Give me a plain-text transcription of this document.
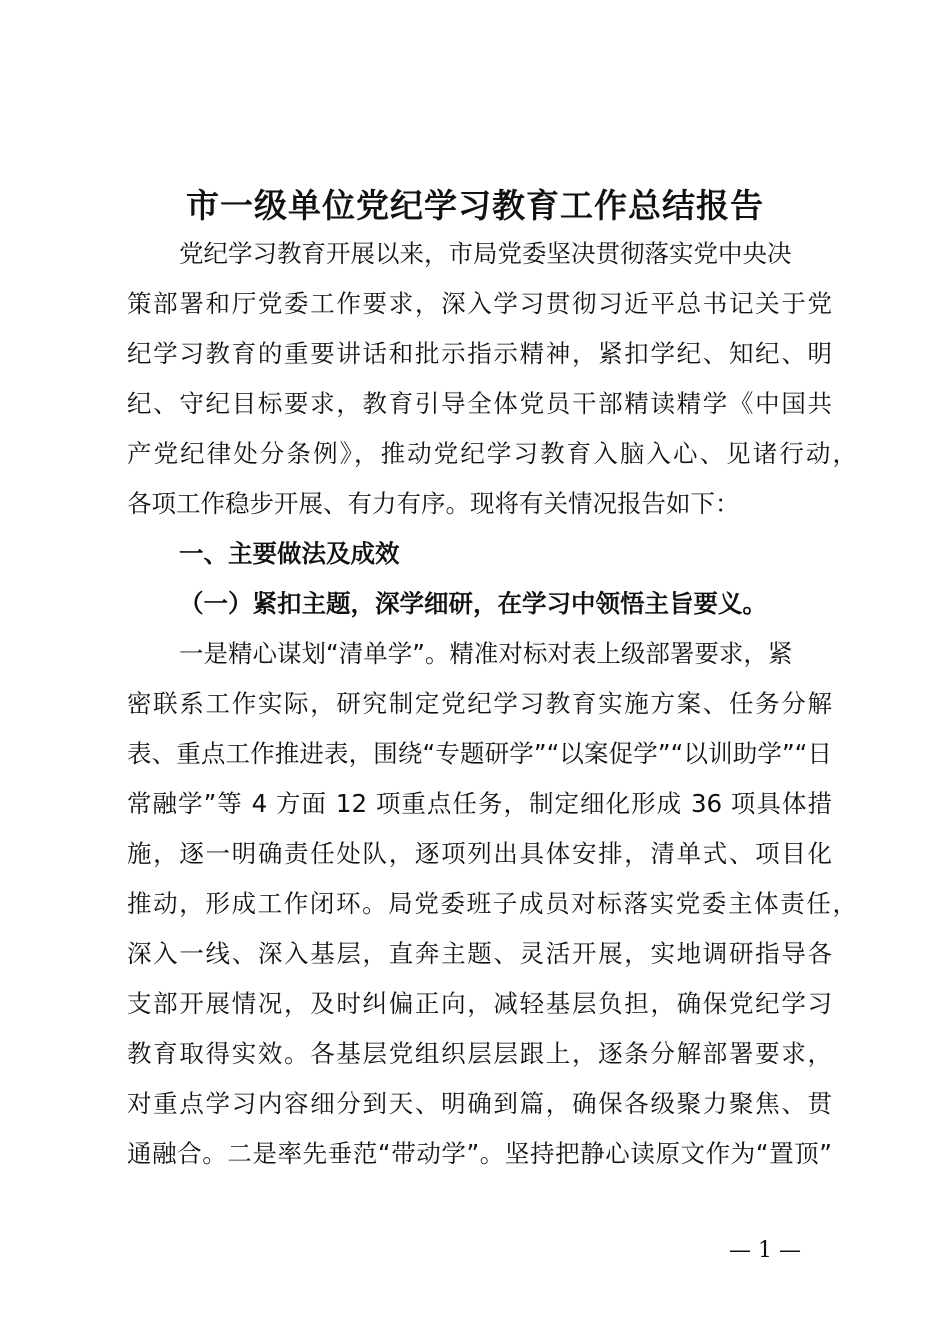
市一级单位党纪学习教育工作总结报告

党纪学习教育开展以来，市局党委坚决贯彻落实党中央决

策部署和厅党委工作要求，深入学习贯彻习近平总书记关于党

纪学习教育的重要讲话和批示指示精神，紧扣学纪、知纪、明

纪、守纪目标要求，教育引导全体党员干部精读精学《中国共

产党纪律处分条例》，推动党纪学习教育入脑入心、见诸行动，

各项工作稳步开展、有力有序。现将有关情况报告如下：

一、主要做法及成效

（一）紧扣主题，深学细研，在学习中领悟主旨要义。

一是精心谋划“清单学”。精准对标对表上级部署要求，紧

密联系工作实际，研究制定党纪学习教育实施方案、任务分解

表、重点工作推进表，围绕“专题研学”“以案促学”“以训助学”“日

常融学”等 4 方面 12 项重点任务，制定细化形成 36 项具体措

施，逐一明确责任处队，逐项列出具体安排，清单式、项目化

推动，形成工作闭环。局党委班子成员对标落实党委主体责任，

深入一线、深入基层，直奔主题、灵活开展，实地调研指导各

支部开展情况，及时纠偏正向，减轻基层负担，确保党纪学习

教育取得实效。各基层党组织层层跟上，逐条分解部署要求，

对重点学习内容细分到天、明确到篇，确保各级聚力聚焦、贯

通融合。二是率先垂范“带动学”。坚持把静心读原文作为“置顶”

— 1 —
